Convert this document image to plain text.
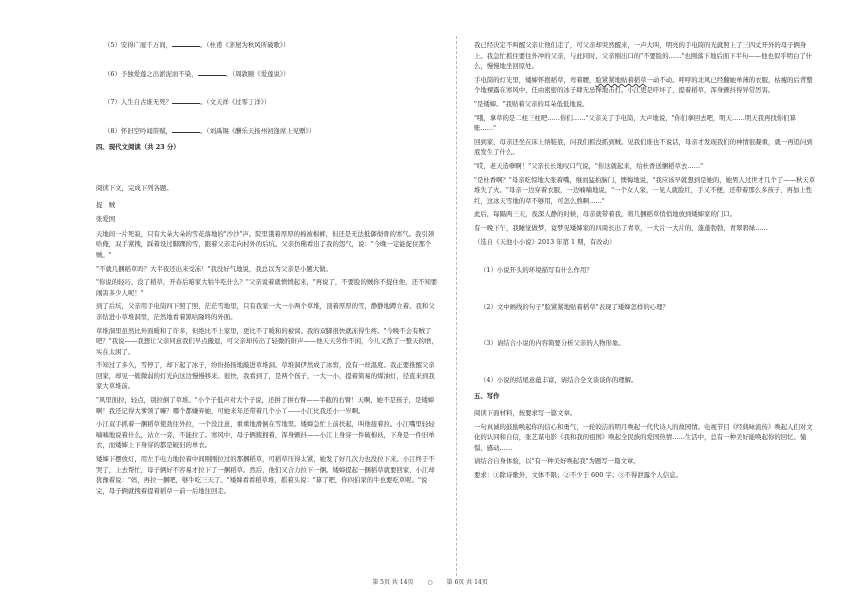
（5）安得广厦千万间，	。（杜甫《茅屋为秋风所破歌》）
（6）予独爱莲之出淤泥而不染，	。（周敦颐《爱莲说》）
（7）人生自古谁无死？	。（文天祥《过零丁洋》）
（8）怀旧空吟闻笛赋，	。（刘禹锡《酬乐天扬州初逢席上见赠》）
四、现代文阅读（共 23 分）

阅读下文，完成下列各题。

捉　贼

张爱国

天地间一片死寂，只有大朵大朵的雪花落地的"沙沙"声。院里饿着厚厚的棉被棉裤，但还是无法抵御彻骨的寒气。我引颈哈俺，双手紧拽，踩着设过脚踝的雪，跟着父亲走向村外的后坑。父亲仿佛看出了我的怨气，说："今晚一定能捉住那个贼。"

"不就几捆稻草吗？大半夜还出来受冻！"我没好气地说，我总以为父亲是小题大做。

"你说的轻巧，没了稻草，开春后咱家大牯牛吃什么？"父亲说着就愤愤起来，"再说了，不要脸的贼你不捉住他，还不知要闹害多少人呢！"

到了后坑，父亲用手电筒四下照了照，茫茫雪地里，只有我家一大一小两个草堆，顶着厚厚的雪，静静地蹲立着。我和父亲钻进小草堆洞里，茫然地看着黑咕隆咚的外面。

草堆洞里虽然比外面暖和了许多，但绝比不上家里，更比不了暖和的被窝。我的双脚很快就冻得生疼。"今晚不会有贼了吧？"我说——我想让父亲同意我们早点撤退，可父亲却传出了轻微的鼾声——他天天劳作不闲，今儿又熬了一整天的磨，实在太困了。

不知过了多久，雪停了，却下起了冰子，纷纷扬扬地敲进草堆洞。草堆洞伊然成了冰窖，没有一丝温度。我正要推醒父亲回家，却见一簇微弱的灯光向这边慢慢移来。很快，我看到了，是两个孩子，一大一小，提着简易的煤油灯，径直来到我家大草堆前。

"风里面拉，轻点，别拉倒了草堆。"小个子低声对大个子说，还拼了拼右臂——半截的右臂！天啊，她不是孩子，是矮婶啊！我还记得大爹领了嘛？哪个都嫌弃她，可她来年还带着几个小丫——小江比我还小一岁啊。

小江双手抓着一捆稻草使劲往外拉，一个没注意，重重地滑倒在雪地里。矮婶急忙上前扶起，叫他接着拉。小江嘴里轻轻喃喃地说着什么，站立一旁，不能拉了。寒风中，母子俩簇拥着，浑身颤抖——小江上身穿一件破棉袄，下身是一件旧单衣，而矮婶上下身穿的都是破旧的单衣。

矮婶下摆放灯，用左手电力地拉着中间刚刚拉过的那捆稻草，可稻草压得太紧，她发了好几次力也没拉下来。小江终于不哭了，上去帮忙，母子俩好不容易才拉下了一捆稻草。然后，他们又合力拉下一捆。矮婶提起一捆稻草就要回家，小江却犹豫着说："妈，再拉一捆吧，够牛吃三天了。"矮婶看看稻草堆，摇着头说："算了吧，你四伯家的牛也要吃草呢。"说完，母子俩就拽着提着稻草一前一后地往回走。

我已经决定不叫醒父亲让他们走了，可父亲却突然醒来，一声大叫，明亮的手电筒的光就照上了三四丈开外的母子俩身上。我急忙抓住要往外冲的父亲，与此同时，父亲刚出口的"不要脸的……"也刚落下地后面下半句——他也似乎明白了什么，慢慢地坐回原处。

手电筒的灯光里，矮婶怀抱稻草，弯着腰，脸紧紧地贴着稻草一动不动。呼呼的北风已经翻她单薄的衣服，枯瘦的后背整个地裸露在寒风中，任由密密的冰子肆无忌惮地击打。小江更是吓坏了，提着稻草，浑身颤抖得异常厉害。

"是矮婶。"我贴着父亲的耳朵低低地说。

"哦，拿草的是二柱三柱吧……你们……"父亲关了手电筒，大声地说，"你们拿回去吧，明天……明天我再找你们算账……"

回到家，母亲还坐在床上纳鞋底，问我们抓没抓到贼。见我们谁也不说话，母亲才发现我们的神情很凝重，就一再追问到底发生了什么。

"哎，老天造孽啊！"父亲长长地叹口气说，"你这就起来，给杜香送捆稻草去……"

"是杜香啊？"母亲吃惊地大张着嘴，继而猛拍脑门，懊悔地说，"我应该早就想到是她的，她男人过世才几个了——秋天草堆失了火。"母亲一边穿着衣服，一边喃喃地说，"一个女人家，一见人就脸红，手又不便，还带着那么多孩子，再加上性红，这冰天雪地的草不够用，可怎么熬啊……"

此后，每隔两三天，夜深人静的时候，母亲就带着我，将几捆稻草悄悄地放到矮婶家的门口。

有一晚下午，我睡觉做梦，竟梦见矮婶家的四周长出了青草，一大片一大片的，蓬蓬勃勃，青翠碧绿……

（选自《天池小小说》2013 年第 1 期，有改动）

（1）小说开头的环境描写有什么作用？
（2）文中画线的句子"脸紧紧地贴着稻草"表现了矮婶怎样的心理？
（3）请结合小说的内容简要分析父亲的人物形象。
（4）小说的结尾意蕴丰富，请结合全文谈谈你的理解。
五、写作

阅读下面材料，按要求写一篇文章。

一句真诚的鼓励唤起你的信心和勇气，一轮皎洁的明月唤起一代代诗人的故园情。电视节目《经典咏流传》唤起人们对文化的认同和自信，张艺谋电影《我和我的祖国》唤起全民族的爱国热情……生活中，总有一种美好能唤起你的回忆、憧憬、感动……

请结合自身体验，以"有一种美好唤起我"为题写一篇文章。

要求：①除诗歌外，文体不限；②不少于 600 字；③不得泄露个人信息。

第 5页 共 14页 ○ 第 6页 共 14页
